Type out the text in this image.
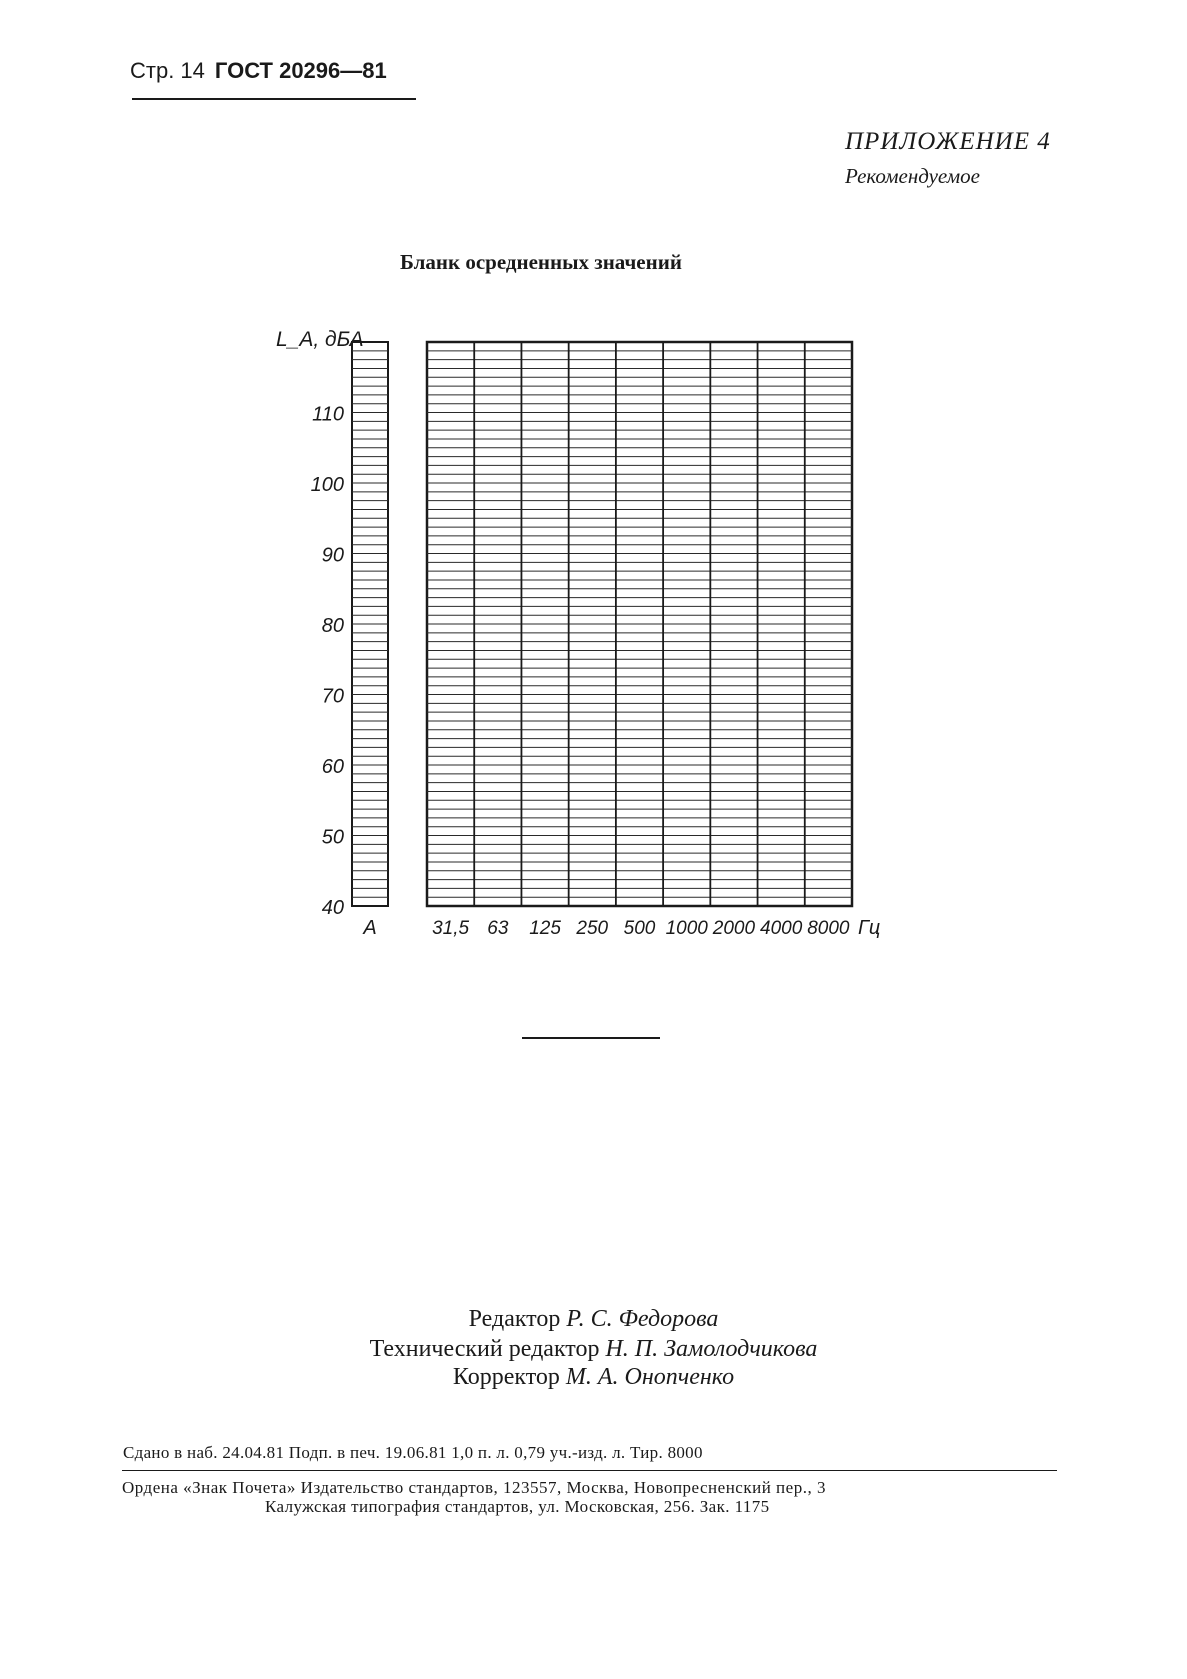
Стр. 14 ГОСТ 20296—81
ПРИЛОЖЕНИЕ 4
Рекомендуемое
Бланк осредненных значений
L_A, дБА
40
50
60
70
80
90
100
110
A	31,5 63 125 250 500 1000 2000 4000 8000 Гц
Редактор Р. С. Федорова
Технический редактор Н. П. Замолодчикова
Корректор М. А. Онопченко
Сдано в наб. 24.04.81 Подп. в печ. 19.06.81 1,0 п. л. 0,79 уч.-изд. л. Тир. 8000
Ордена «Знак Почета» Издательство стандартов, 123557, Москва, Новопресненский пер., 3
Калужская типография стандартов, ул. Московская, 256. Зак. 1175
